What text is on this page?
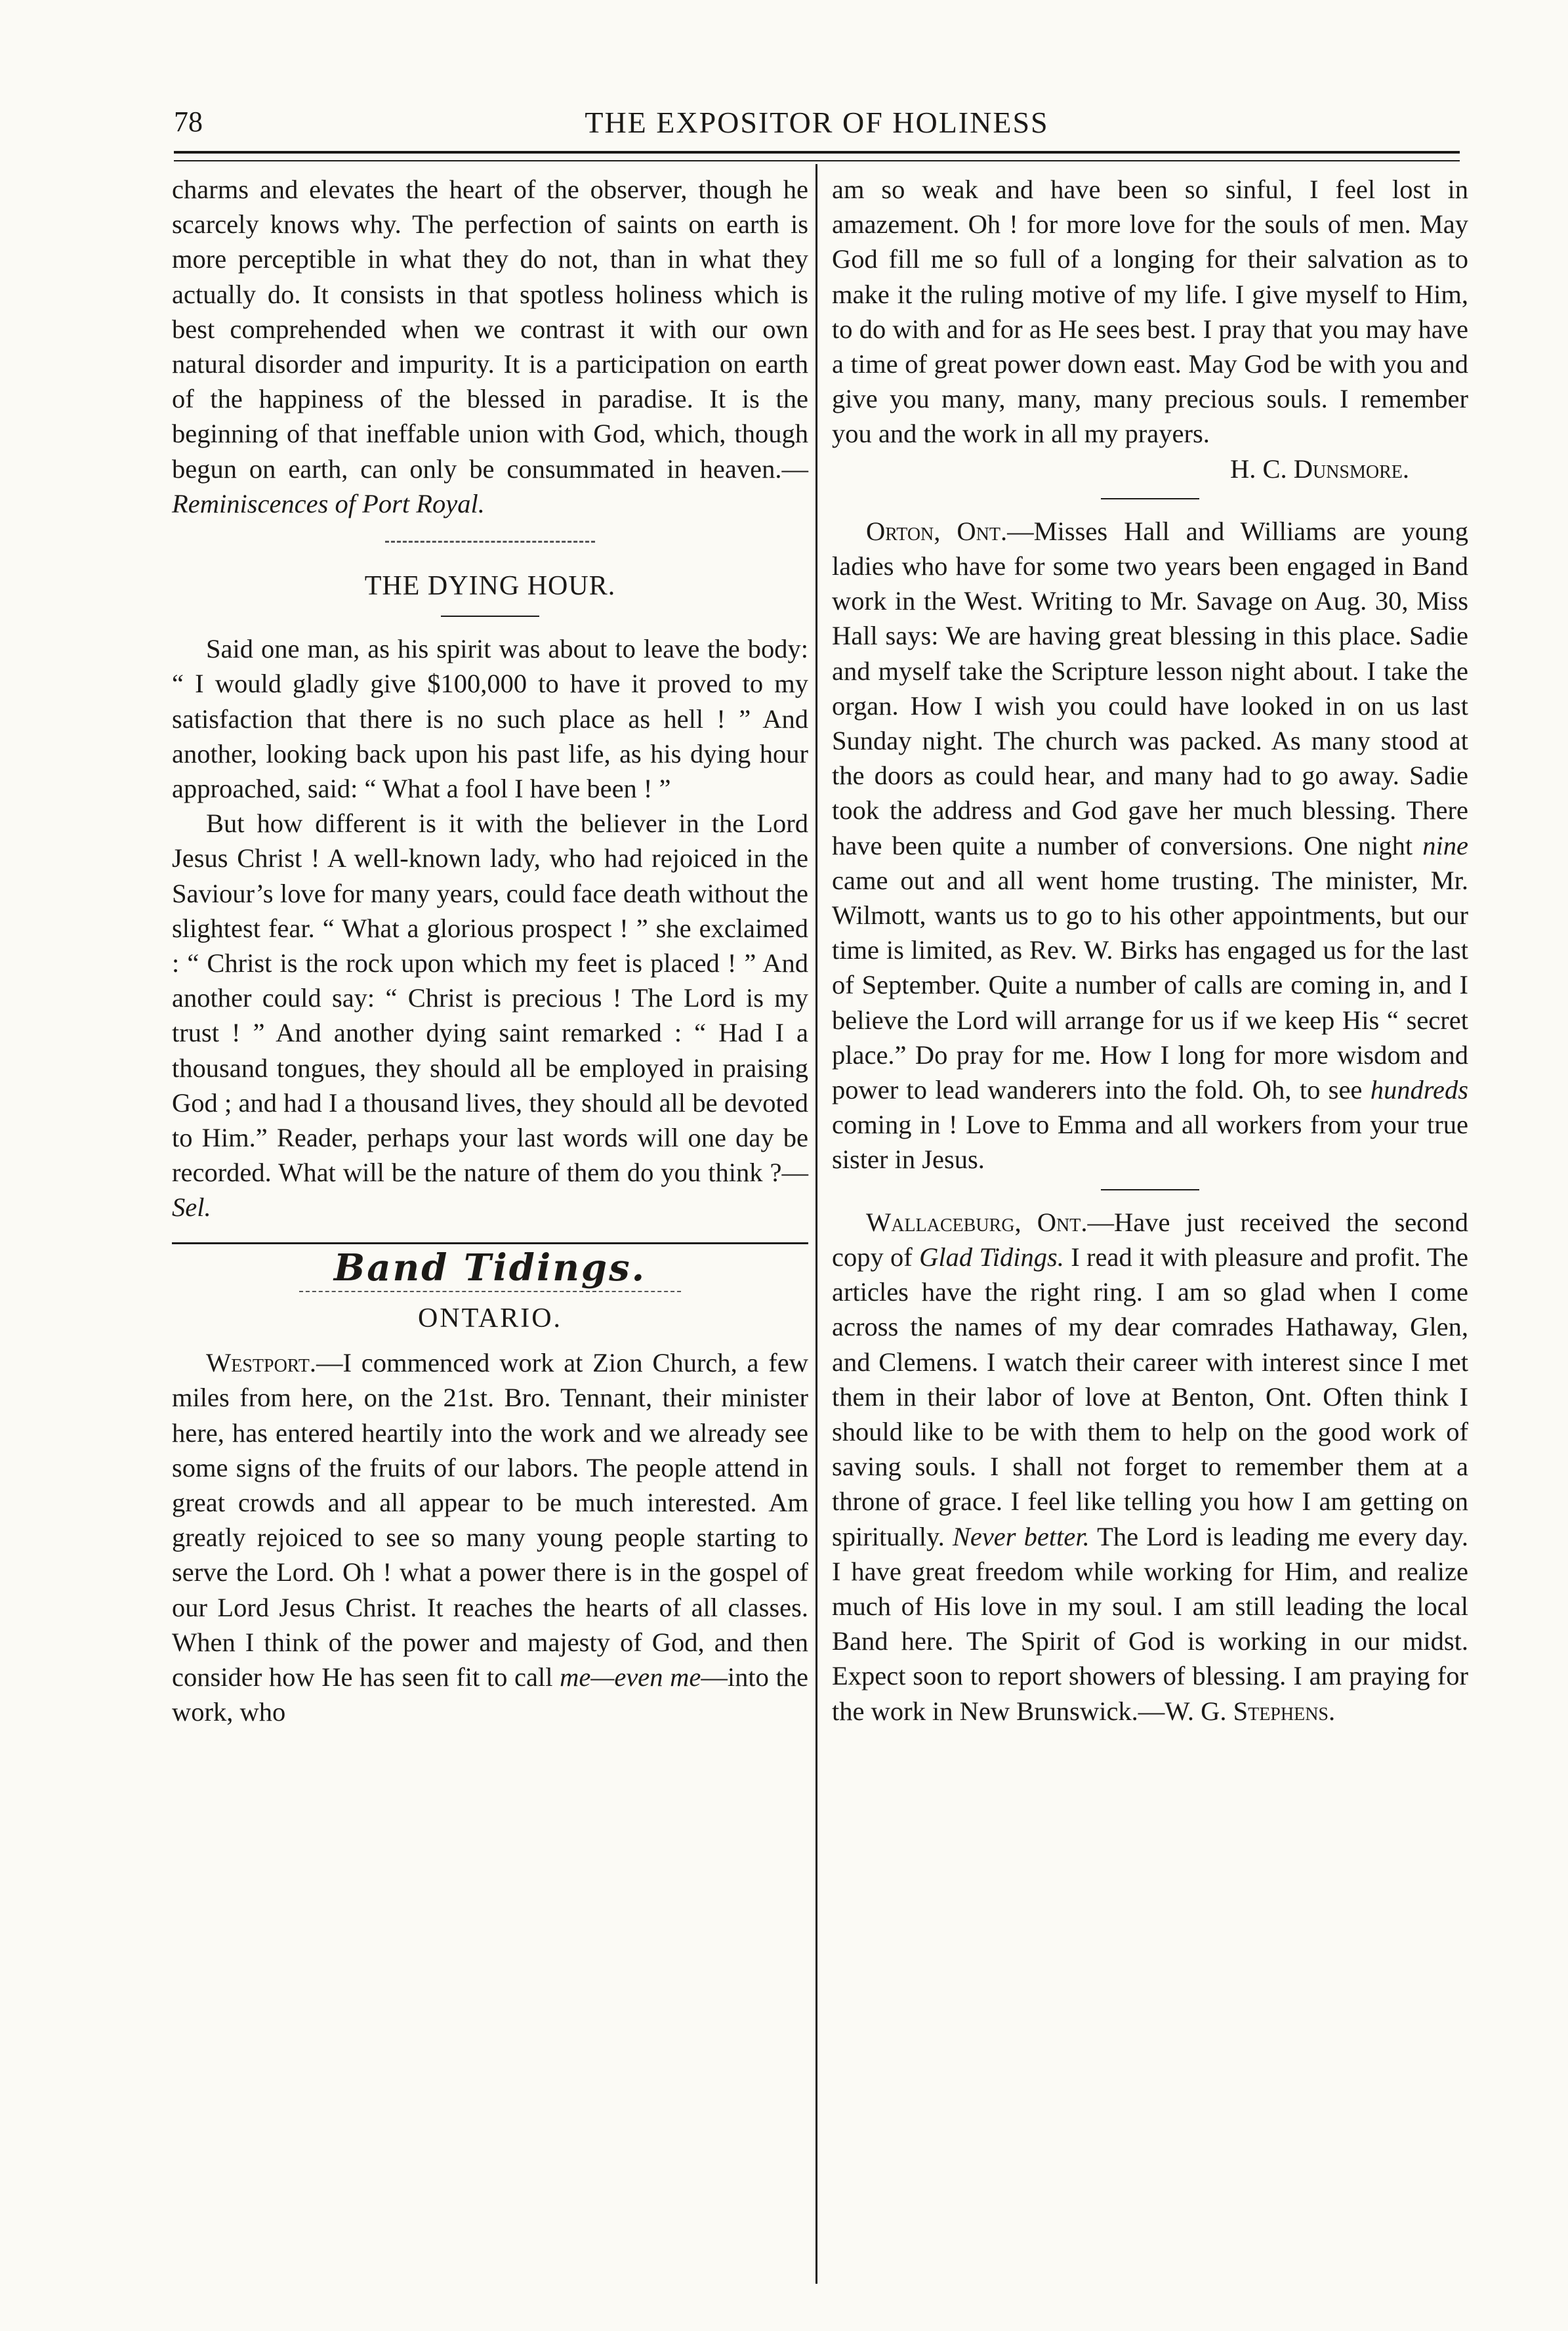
78	THE EXPOSITOR OF HOLINESS

charms and elevates the heart of the observer, though he scarcely knows why. The perfection of saints on earth is more perceptible in what they do not, than in what they actually do. It consists in that spotless holiness which is best comprehended when we contrast it with our own natural disorder and impurity. It is a participation on earth of the happiness of the blessed in paradise. It is the beginning of that ineffable union with God, which, though begun on earth, can only be consummated in heaven.—Reminiscences of Port Royal.

THE DYING HOUR.

Said one man, as his spirit was about to leave the body: “ I would gladly give $100,000 to have it proved to my satisfaction that there is no such place as hell ! ” And another, looking back upon his past life, as his dying hour approached, said: “ What a fool I have been ! ”

But how different is it with the believer in the Lord Jesus Christ ! A well-known lady, who had rejoiced in the Saviour’s love for many years, could face death without the slightest fear. “ What a glorious prospect ! ” she exclaimed : “ Christ is the rock upon which my feet is placed ! ” And another could say: “ Christ is precious ! The Lord is my trust ! ” And another dying saint remarked : “ Had I a thousand tongues, they should all be employed in praising God ; and had I a thousand lives, they should all be devoted to Him.” Reader, perhaps your last words will one day be recorded. What will be the nature of them do you think ?—Sel.

Band Tidings.
ONTARIO.

Westport.—I commenced work at Zion Church, a few miles from here, on the 21st. Bro. Tennant, their minister here, has entered heartily into the work and we already see some signs of the fruits of our labors. The people attend in great crowds and all appear to be much interested. Am greatly rejoiced to see so many young people starting to serve the Lord. Oh ! what a power there is in the gospel of our Lord Jesus Christ. It reaches the hearts of all classes. When I think of the power and majesty of God, and then consider how He has seen fit to call me—even me—into the work, who

am so weak and have been so sinful, I feel lost in amazement. Oh ! for more love for the souls of men. May God fill me so full of a longing for their salvation as to make it the ruling motive of my life. I give myself to Him, to do with and for as He sees best. I pray that you may have a time of great power down east. May God be with you and give you many, many, many precious souls. I remember you and the work in all my prayers.

H. C. Dunsmore.

Orton, Ont.—Misses Hall and Williams are young ladies who have for some two years been engaged in Band work in the West. Writing to Mr. Savage on Aug. 30, Miss Hall says: We are having great blessing in this place. Sadie and myself take the Scripture lesson night about. I take the organ. How I wish you could have looked in on us last Sunday night. The church was packed. As many stood at the doors as could hear, and many had to go away. Sadie took the address and God gave her much blessing. There have been quite a number of conversions. One night nine came out and all went home trusting. The minister, Mr. Wilmott, wants us to go to his other appointments, but our time is limited, as Rev. W. Birks has engaged us for the last of September. Quite a number of calls are coming in, and I believe the Lord will arrange for us if we keep His “ secret place.” Do pray for me. How I long for more wisdom and power to lead wanderers into the fold. Oh, to see hundreds coming in ! Love to Emma and all workers from your true sister in Jesus.

Wallaceburg, Ont.—Have just received the second copy of Glad Tidings. I read it with pleasure and profit. The articles have the right ring. I am so glad when I come across the names of my dear comrades Hathaway, Glen, and Clemens. I watch their career with interest since I met them in their labor of love at Benton, Ont. Often think I should like to be with them to help on the good work of saving souls. I shall not forget to remember them at a throne of grace. I feel like telling you how I am getting on spiritually. Never better. The Lord is leading me every day. I have great freedom while working for Him, and realize much of His love in my soul. I am still leading the local Band here. The Spirit of God is working in our midst. Expect soon to report showers of blessing. I am praying for the work in New Brunswick.—W. G. Stephens.
